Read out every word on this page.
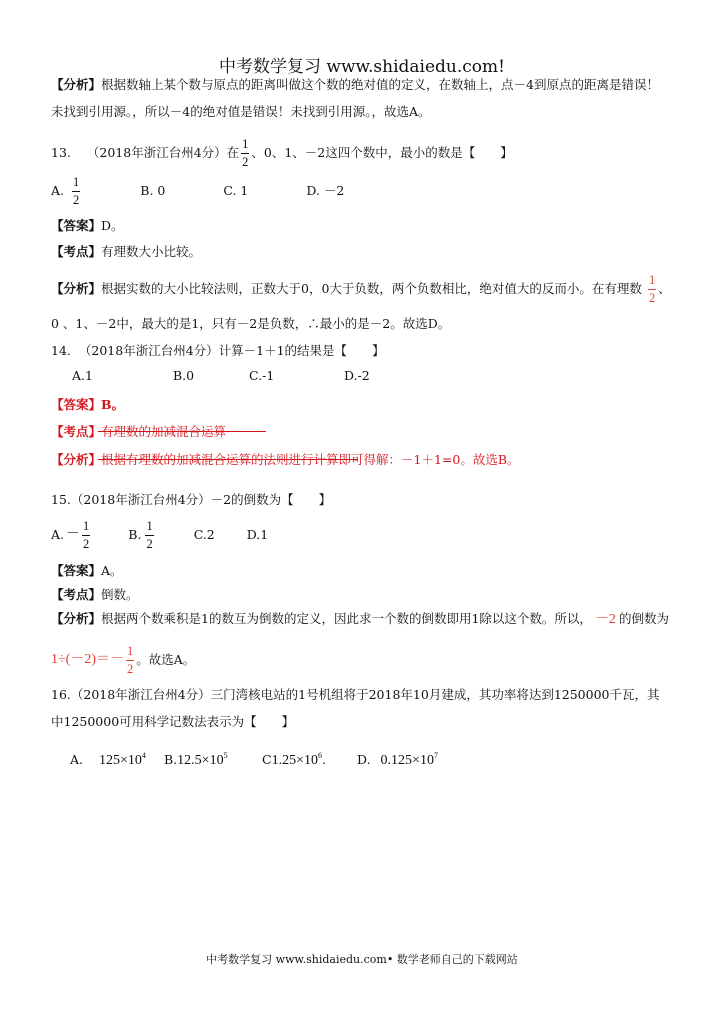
中考数学复习 www.shidaiedu.com!
【分析】根据数轴上某个数与原点的距离叫做这个数的绝对值的定义，在数轴上，点－4到原点的距离是错误！
未找到引用源。，所以－4的绝对值是错误！未找到引用源。，故选A。
13. （2018年浙江台州4分）在 $\frac{1}{2}$ 、0、1、－2这四个数中，最小的数是【　　】
A. $\frac{1}{2}$	B. 0	C. 1	D. －2
【答案】D。
【考点】有理数大小比较。
【分析】 根据实数的大小比较法则，正数大于0，0大于负数，两个负数相比，绝对值大的反而小。在有理数 $\frac{1}{2}$ 、
0 、1、－2中，最大的是1，只有－2是负数，∴最小的是－2。故选D。
14. （2018年浙江台州4分）计算－1＋1的结果是【　　】
A.1	B.0	C.-1	D.-2
【答案】B。
【考点】有理数的加减混合运算
【分析】根据有理数的加减混合运算的法则进行计算即可得解：－1＋1=0。故选B。
15.（2018年浙江台州4分）－2的倒数为【　　】
A. － $\frac{1}{2}$	B. $\frac{1}{2}$	C.2	D.1
【答案】A。
【考点】倒数。
【分析】根据两个数乘积是1的数互为倒数的定义，因此求一个数的倒数即用1除以这个数。所以， －2 的倒数为
$1\div(-2)=- \frac{1}{2}$ 。故选A。
16.（2018年浙江台州4分）三门湾核电站的1号机组将于2018年10月建成，其功率将达到1250000千瓦，其
中1250000可用科学记数法表示为【　　】
A. $125\times 10^4$ $B.12.5\times 10^5$	$C1.25\times 10^6$. D. $0.125\times 10^7$
中考数学复习 www.shidaiedu.com• 数学老师自己的下载网站
